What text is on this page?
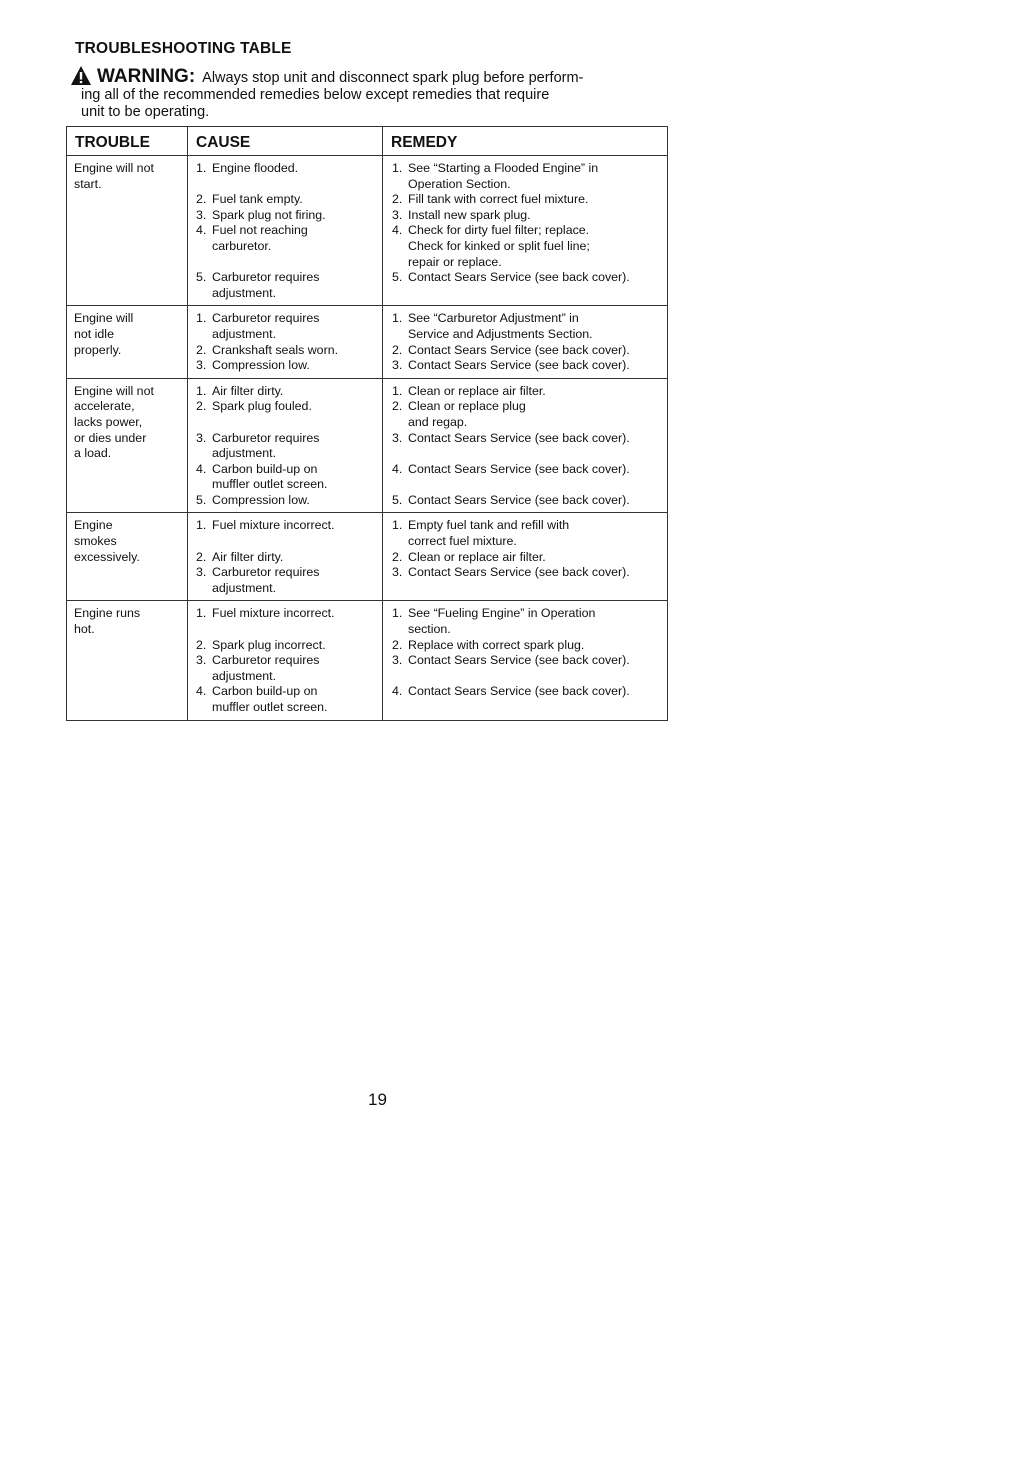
TROUBLESHOOTING TABLE
WARNING: Always stop unit and disconnect spark plug before perform-
ing all of the recommended remedies below except remedies that require
unit to be operating.
TROUBLE	CAUSE	REMEDY
Engine will not
start.
1. Engine flooded.
2. Fuel tank empty.
3. Spark plug not firing.
4. Fuel not reaching
carburetor.
5. Carburetor requires
adjustment.
1. See “Starting a Flooded Engine” in
Operation Section.
2. Fill tank with correct fuel mixture.
3. Install new spark plug.
4. Check for dirty fuel filter; replace.
Check for kinked or split fuel line;
repair or replace.
5. Contact Sears Service (see back cover).
Engine will
not idle
properly.
1. Carburetor requires
adjustment.
2. Crankshaft seals worn.
3. Compression low.
1. See “Carburetor Adjustment” in
Service and Adjustments Section.
2. Contact Sears Service (see back cover).
3. Contact Sears Service (see back cover).
Engine will not
accelerate,
lacks power,
or dies under
a load.
1. Air filter dirty.
2. Spark plug fouled.
3. Carburetor requires
adjustment.
4. Carbon build-up on
muffler outlet screen.
5. Compression low.
1. Clean or replace air filter.
2. Clean or replace plug
and regap.
3. Contact Sears Service (see back cover).
4. Contact Sears Service (see back cover).
5. Contact Sears Service (see back cover).
Engine
smokes
excessively.
1. Fuel mixture incorrect.
2. Air filter dirty.
3. Carburetor requires
adjustment.
1. Empty fuel tank and refill with
correct fuel mixture.
2. Clean or replace air filter.
3. Contact Sears Service (see back cover).
Engine runs
hot.
1. Fuel mixture incorrect.
2. Spark plug incorrect.
3. Carburetor requires
adjustment.
4. Carbon build-up on
muffler outlet screen.
1. See “Fueling Engine” in Operation
section.
2. Replace with correct spark plug.
3. Contact Sears Service (see back cover).
4. Contact Sears Service (see back cover).
19
